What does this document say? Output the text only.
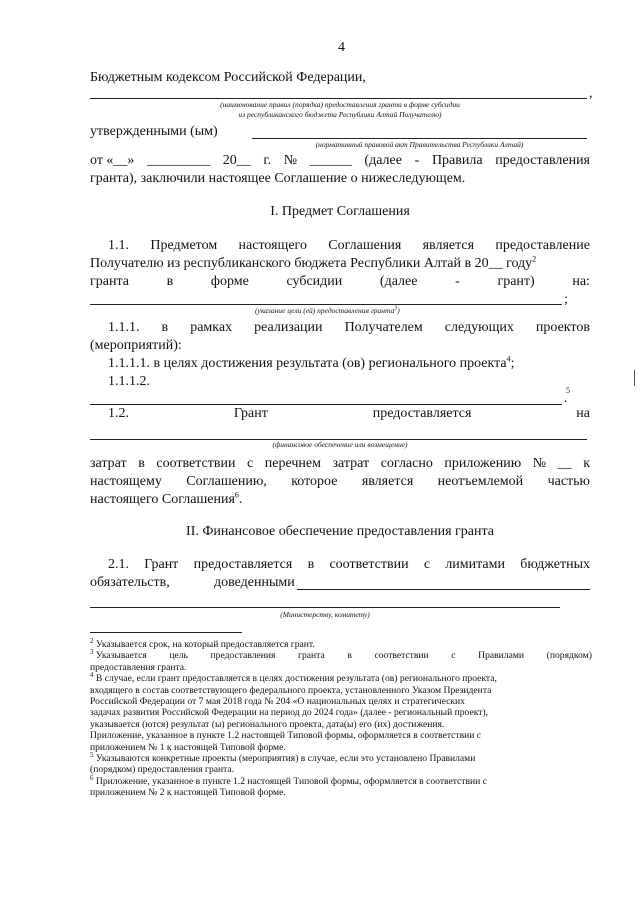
4
Бюджетным кодексом Российской Федерации,
,
(наименование правил (порядка) предоставления гранта в форме субсидии
из республиканского бюджета Республики Алтай Получателю)
утвержденными (ым)
(нормативный правовой акт Правительства Республики Алтай)
от «__» _________ 20__ г. № ______ (далее - Правила предоставления
гранта), заключили настоящее Соглашение о нижеследующем.
I. Предмет Соглашения
1.1. Предметом настоящего Соглашения является предоставление
Получателю из республиканского бюджета Республики Алтай в 20__ году$^2$
гранта	в	форме	субсидии	(далее	-	грант)	на:
;
(указание цели (ей) предоставления гранта$^3$)
1.1.1. в рамках реализации Получателем следующих проектов
(мероприятий):
1.1.1.1. в целях достижения результата (ов) регионального проекта$^4$;
1.1.1.2.
5
.
1.2.	Грант	предоставляется	на
(финансовое обеспечение или возмещение)
затрат в соответствии с перечнем затрат согласно приложению № __ к
настоящему Соглашению, которое является неотъемлемой частью
настоящего Соглашения$^6$.
II. Финансовое обеспечение предоставления гранта
2.1. Грант предоставляется в соответствии с лимитами бюджетных
обязательств,	доведенными
(Министерству, комитету)
$^2$ Указывается срок, на который предоставляется грант.
$^3$ Указывается цель предоставления гранта в соответствии с Правилами (порядком)
предоставления гранта.
$^4$ В случае, если грант предоставляется в целях достижения результата (ов) регионального проекта,
входящего в состав соответствующего федерального проекта, установленного Указом Президента
Российской Федерации от 7 мая 2018 года № 204 «О национальных целях и стратегических
задачах развития Российской Федерации на период до 2024 года» (далее - региональный проект),
указывается (ются) результат (ы) регионального проекта, дата(ы) его (их) достижения.
Приложение, указанное в пункте 1.2 настоящей Типовой формы, оформляется в соответствии с
приложением № 1 к настоящей Типовой форме.
$^5$ Указываются конкретные проекты (мероприятия) в случае, если это установлено Правилами
(порядком) предоставления гранта.
$^6$ Приложение, указанное в пункте 1.2 настоящей Типовой формы, оформляется в соответствии с
приложением № 2 к настоящей Типовой форме.
